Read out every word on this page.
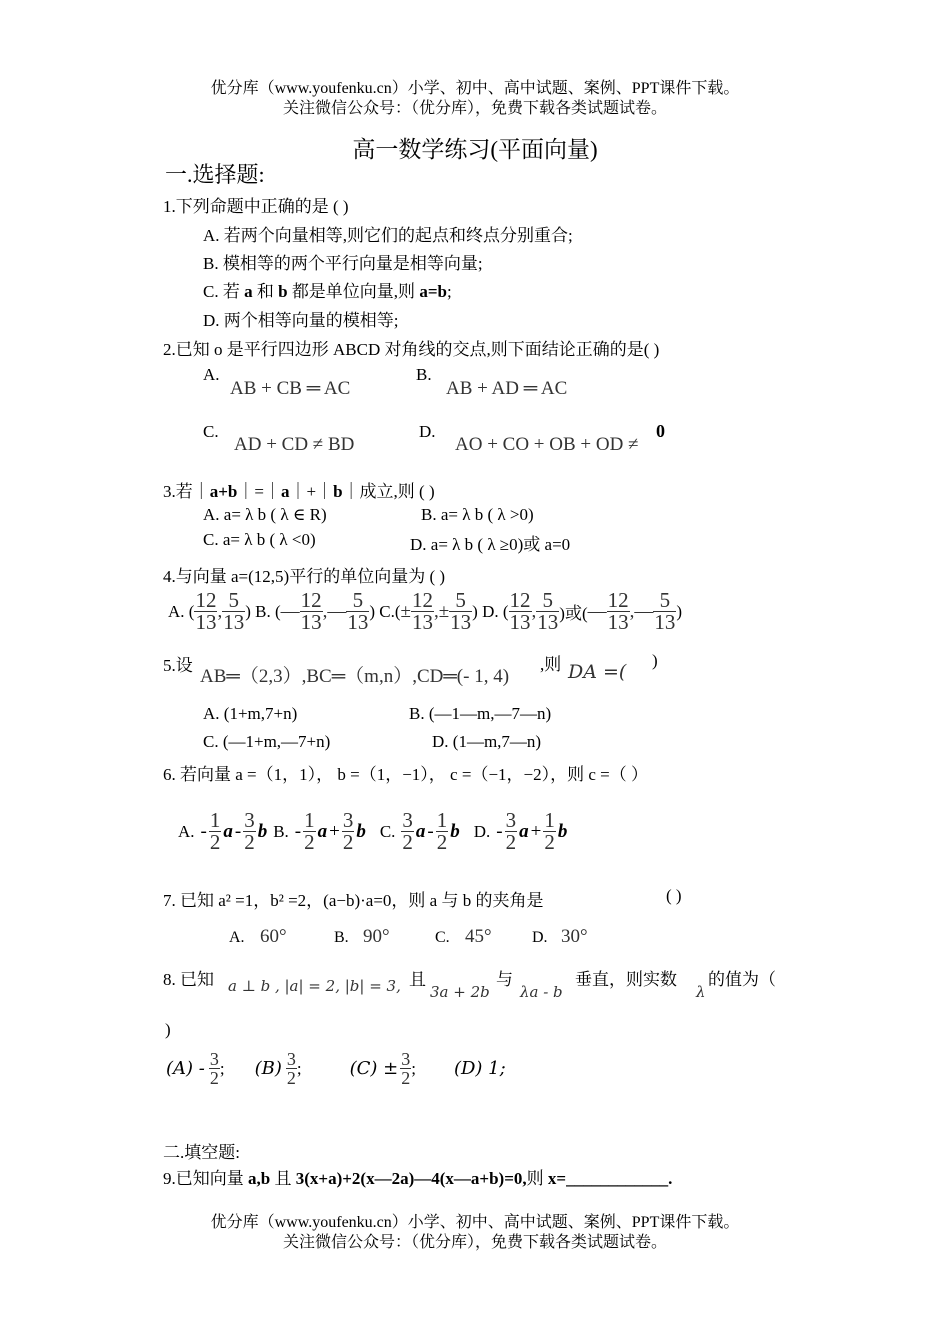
优分库（www.youfenku.cn）小学、初中、高中试题、案例、PPT课件下载。
关注微信公众号：（优分库），免费下载各类试题试卷。
高一数学练习(平面向量)
一.选择题:
1.下列命题中正确的是 ( )
A. 若两个向量相等,则它们的起点和终点分别重合;
B. 模相等的两个平行向量是相等向量;
C. 若 a 和 b 都是单位向量,则 a=b;
D. 两个相等向量的模相等;
2.已知 o 是平行四边形 ABCD 对角线的交点,则下面结论正确的是( )
A.
AB + CB ═ AC
B.
AB + AD ═ AC
C.
AD + CD ≠ BD
D.
AO + CO + OB + OD ≠
0
3.若｜a+b｜=｜a｜+｜b｜成立,则 ( )
A. a= λ b ( λ ∈ R)	B. a= λ b ( λ >0)
C. a= λ b ( λ <0)	D. a= λ b ( λ ≥0)或 a=0
4.与向量 a=(12,5)平行的单位向量为 ( )
A. ( $\frac{12}{13}$ , $\frac{5}{13}$ ) B. ( — $\frac{12}{13}$ , — $\frac{5}{13}$ ) $C.( \pm \frac{12}{13}$ , ± $\frac{5}{13}$ ) D. ( $\frac{12}{13}$ , $\frac{5}{13}$ )或( — $\frac{12}{13}$ , — $\frac{5}{13}$ )
5.设
AB═（2,3）,BC═（m,n）,CD═(- 1, 4)
,则 DA =(
)
A. (1+m,7+n)	B. (—1—m,—7—n)
C. (—1+m,—7+n)	D. (1—m,7—n)
6. 若向量 a =（1，1）， b =（1，−1）， c =（−1，−2），则 c =（ ）
A. - $\frac{1}{2}$ a - $\frac{3}{2}$ b B. - $\frac{1}{2}$ $a + \frac{3}{2}$ b C. $\frac{3}{2}$ a - $\frac{1}{2}$ b D. - $\frac{3}{2}$ $a + \frac{1}{2}$ b
7. 已知 a² =1，b² =2，(a−b)·a=0，则 a 与 b 的夹角是	( )
A. 60°	B. 90°	C. 45°	D. 30°
8. 已知 a ⊥ b , |a| = 2, |b| = 3, 且
3a + 2b
与
λa - b
垂直，则实数
λ
的值为（
)
$(A) - \frac{3}{2}$ ; $(B) \frac{3}{2}$ ;	$(C) \pm \frac{3}{2}$ ; (D) 1;
二.填空题:
9.已知向量 a,b 且 3(x+a)+2(x—2a)—4(x—a+b)=0,则 x=____________.
优分库（www.youfenku.cn）小学、初中、高中试题、案例、PPT课件下载。
关注微信公众号：（优分库），免费下载各类试题试卷。
